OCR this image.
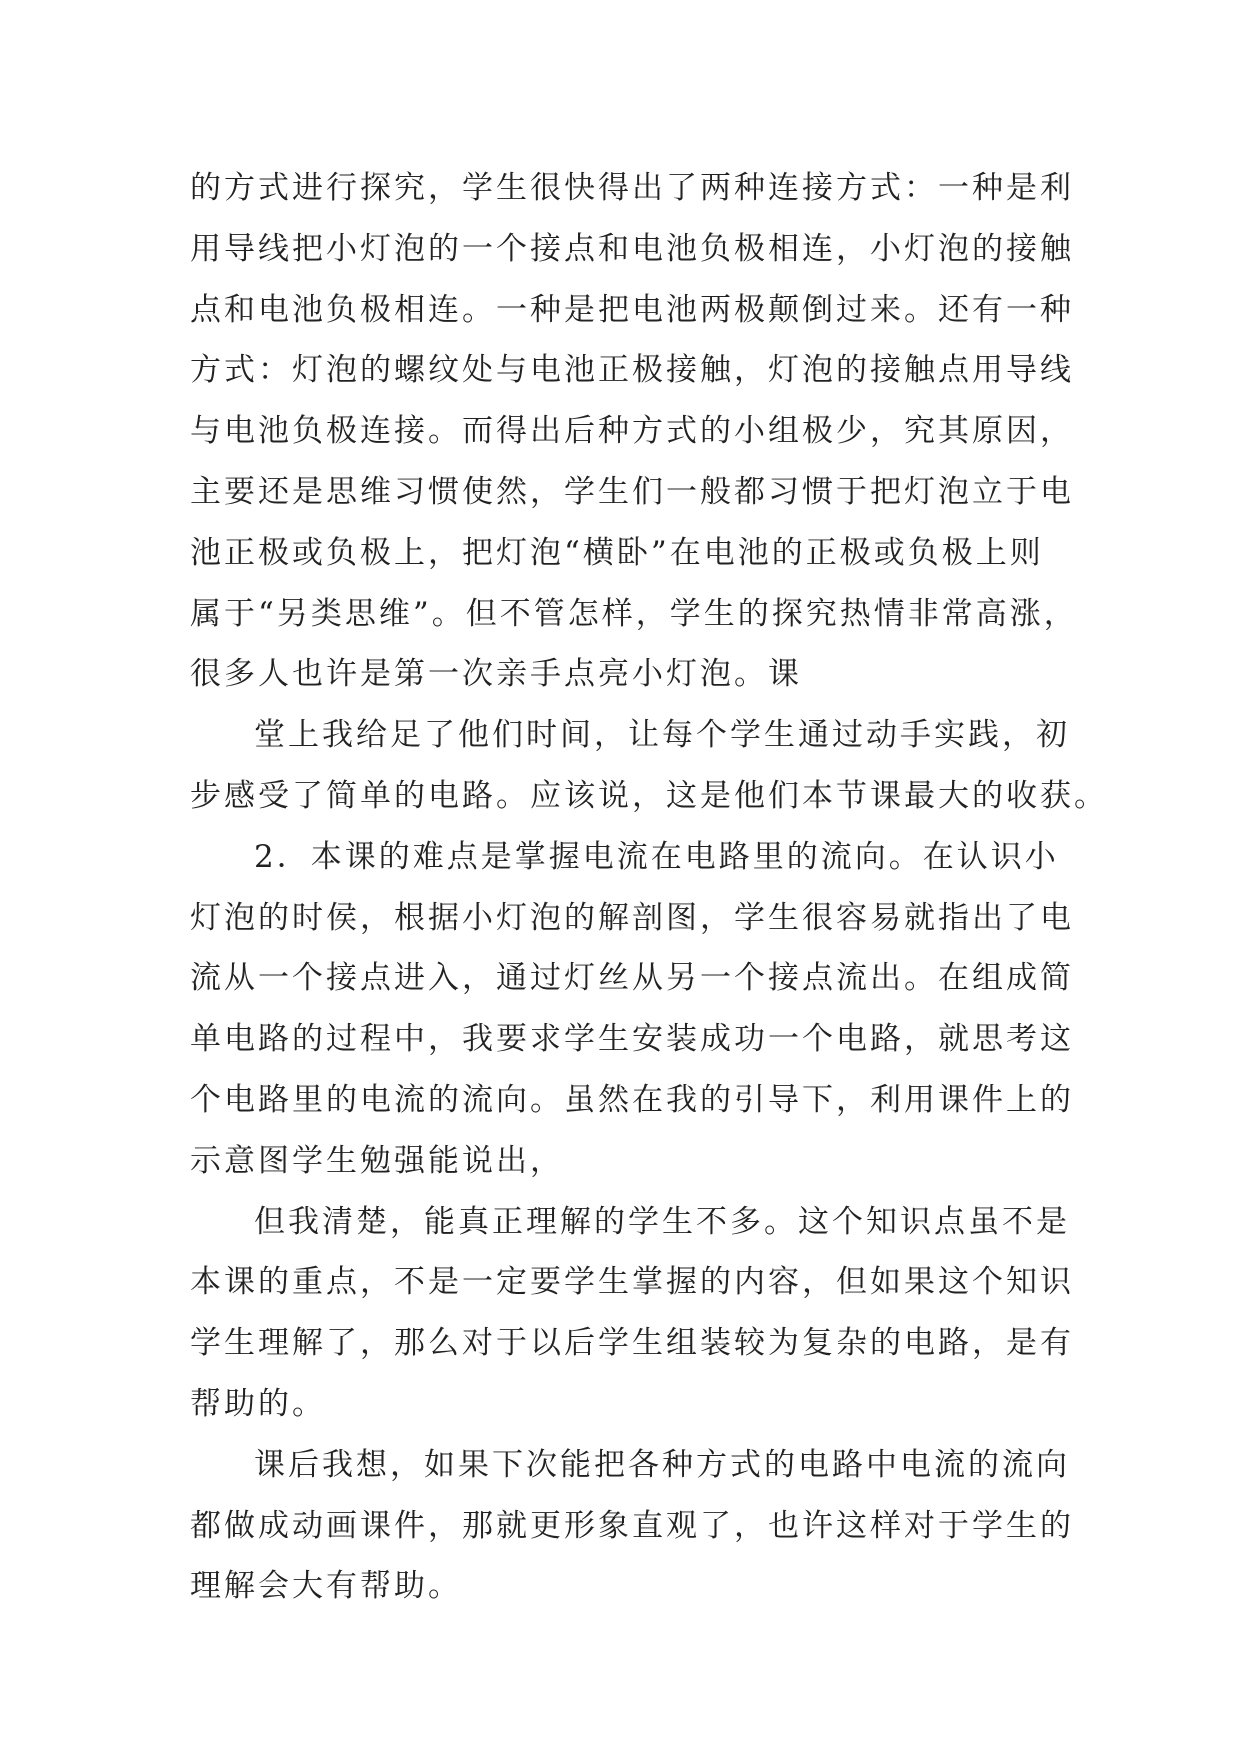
的方式进行探究，学生很快得出了两种连接方式：一种是利
用导线把小灯泡的一个接点和电池负极相连，小灯泡的接触
点和电池负极相连。一种是把电池两极颠倒过来。还有一种
方式：灯泡的螺纹处与电池正极接触，灯泡的接触点用导线
与电池负极连接。而得出后种方式的小组极少，究其原因，
主要还是思维习惯使然，学生们一般都习惯于把灯泡立于电
池正极或负极上，把灯泡“横卧”在电池的正极或负极上则
属于“另类思维”。但不管怎样，学生的探究热情非常高涨，
很多人也许是第一次亲手点亮小灯泡。课
堂上我给足了他们时间，让每个学生通过动手实践，初
步感受了简单的电路。应该说，这是他们本节课最大的收获。
2．本课的难点是掌握电流在电路里的流向。在认识小
灯泡的时侯，根据小灯泡的解剖图，学生很容易就指出了电
流从一个接点进入，通过灯丝从另一个接点流出。在组成简
单电路的过程中，我要求学生安装成功一个电路，就思考这
个电路里的电流的流向。虽然在我的引导下，利用课件上的
示意图学生勉强能说出，
但我清楚，能真正理解的学生不多。这个知识点虽不是
本课的重点，不是一定要学生掌握的内容，但如果这个知识
学生理解了，那么对于以后学生组装较为复杂的电路，是有
帮助的。
课后我想，如果下次能把各种方式的电路中电流的流向
都做成动画课件，那就更形象直观了，也许这样对于学生的
理解会大有帮助。
